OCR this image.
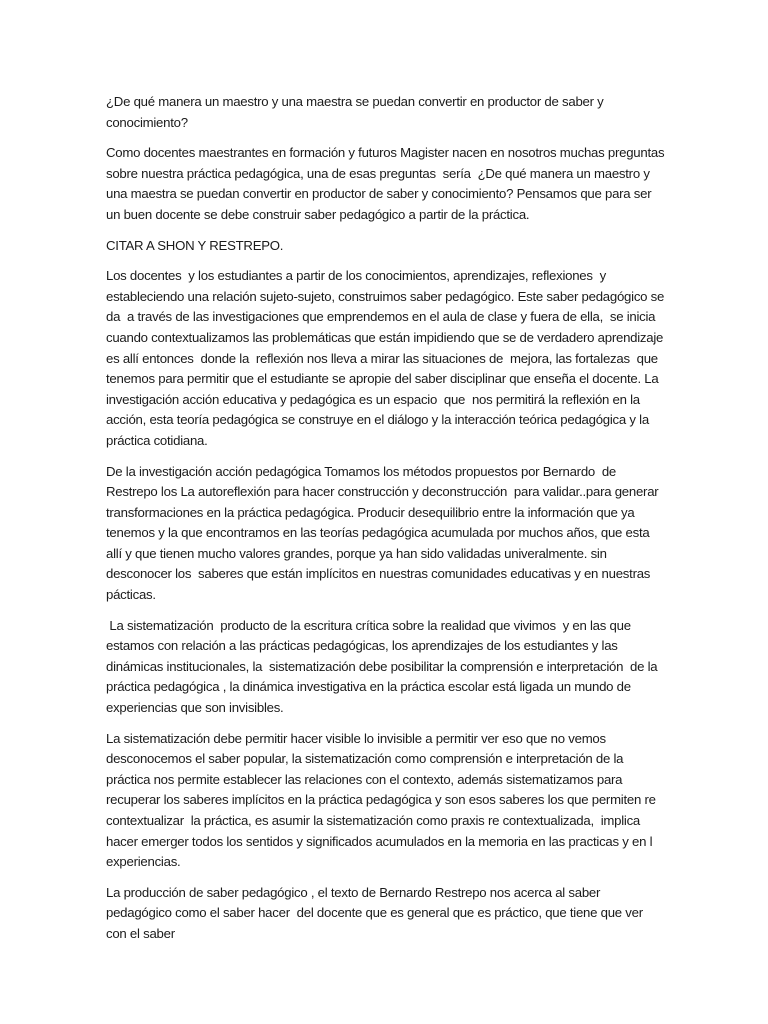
¿De qué manera un maestro y una maestra se puedan convertir en productor de saber y conocimiento?

Como docentes maestrantes en formación y futuros Magister nacen en nosotros muchas preguntas sobre nuestra práctica pedagógica, una de esas preguntas  sería  ¿De qué manera un maestro y una maestra se puedan convertir en productor de saber y conocimiento? Pensamos que para ser un buen docente se debe construir saber pedagógico a partir de la práctica.

CITAR A SHON Y RESTREPO.

Los docentes  y los estudiantes a partir de los conocimientos, aprendizajes, reflexiones  y estableciendo una relación sujeto-sujeto, construimos saber pedagógico. Este saber pedagógico se da  a través de las investigaciones que emprendemos en el aula de clase y fuera de ella,  se inicia cuando contextualizamos las problemáticas que están impidiendo que se de verdadero aprendizaje es allí entonces  donde la  reflexión nos lleva a mirar las situaciones de  mejora, las fortalezas  que tenemos para permitir que el estudiante se apropie del saber disciplinar que enseña el docente. La investigación acción educativa y pedagógica es un espacio  que  nos permitirá la reflexión en la acción, esta teoría pedagógica se construye en el diálogo y la interacción teórica pedagógica y la práctica cotidiana.

De la investigación acción pedagógica Tomamos los métodos propuestos por Bernardo  de Restrepo los La autoreflexión para hacer construcción y deconstrucción  para validar..para generar transformaciones en la práctica pedagógica. Producir desequilibrio entre la información que ya tenemos y la que encontramos en las teorías pedagógica acumulada por muchos años, que esta allí y que tienen mucho valores grandes, porque ya han sido validadas univeralmente. sin desconocer los  saberes que están implícitos en nuestras comunidades educativas y en nuestras pácticas.

La sistematización  producto de la escritura crítica sobre la realidad que vivimos  y en las que estamos con relación a las prácticas pedagógicas, los aprendizajes de los estudiantes y las dinámicas institucionales, la  sistematización debe posibilitar la comprensión e interpretación  de la práctica pedagógica , la dinámica investigativa en la práctica escolar está ligada un mundo de experiencias que son invisibles.

La sistematización debe permitir hacer visible lo invisible a permitir ver eso que no vemos desconocemos el saber popular, la sistematización como comprensión e interpretación de la práctica nos permite establecer las relaciones con el contexto, además sistematizamos para recuperar los saberes implícitos en la práctica pedagógica y son esos saberes los que permiten re contextualizar  la práctica, es asumir la sistematización como praxis re contextualizada,  implica hacer emerger todos los sentidos y significados acumulados en la memoria en las practicas y en l experiencias.

La producción de saber pedagógico , el texto de Bernardo Restrepo nos acerca al saber pedagógico como el saber hacer  del docente que es general que es práctico, que tiene que ver con el saber
